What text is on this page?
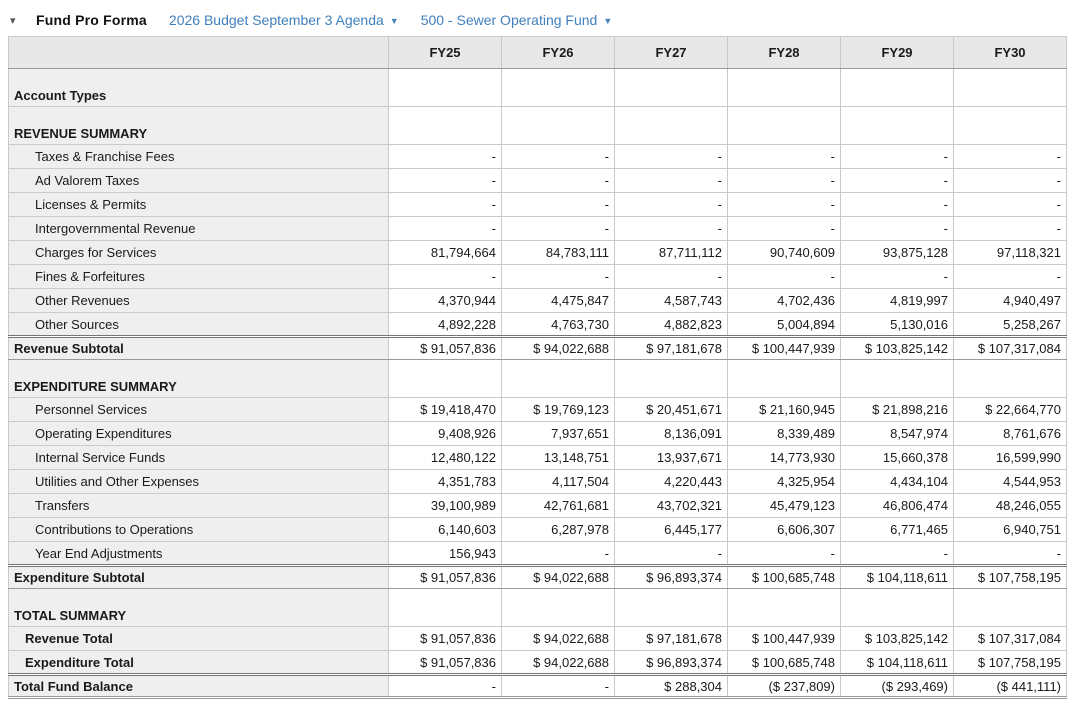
▾	Fund Pro Forma 2026 Budget September 3 Agenda ▼ 500 - Sewer Operating Fund ▼
	FY25	FY26	FY27	FY28	FY29	FY30
Account Types						
REVENUE SUMMARY						
Taxes & Franchise Fees	-	-	-	-	-	-
Ad Valorem Taxes	-	-	-	-	-	-
Licenses & Permits	-	-	-	-	-	-
Intergovernmental Revenue	-	-	-	-	-	-
Charges for Services	81,794,664	84,783,111	87,711,112	90,740,609	93,875,128	97,118,321
Fines & Forfeitures	-	-	-	-	-	-
Other Revenues	4,370,944	4,475,847	4,587,743	4,702,436	4,819,997	4,940,497
Other Sources	4,892,228	4,763,730	4,882,823	5,004,894	5,130,016	5,258,267
Revenue Subtotal	$ 91,057,836	$ 94,022,688	$ 97,181,678	$ 100,447,939	$ 103,825,142	$ 107,317,084
EXPENDITURE SUMMARY						
Personnel Services	$ 19,418,470	$ 19,769,123	$ 20,451,671	$ 21,160,945	$ 21,898,216	$ 22,664,770
Operating Expenditures	9,408,926	7,937,651	8,136,091	8,339,489	8,547,974	8,761,676
Internal Service Funds	12,480,122	13,148,751	13,937,671	14,773,930	15,660,378	16,599,990
Utilities and Other Expenses	4,351,783	4,117,504	4,220,443	4,325,954	4,434,104	4,544,953
Transfers	39,100,989	42,761,681	43,702,321	45,479,123	46,806,474	48,246,055
Contributions to Operations	6,140,603	6,287,978	6,445,177	6,606,307	6,771,465	6,940,751
Year End Adjustments	156,943	-	-	-	-	-
Expenditure Subtotal	$ 91,057,836	$ 94,022,688	$ 96,893,374	$ 100,685,748	$ 104,118,611	$ 107,758,195
TOTAL SUMMARY						
Revenue Total	$ 91,057,836	$ 94,022,688	$ 97,181,678	$ 100,447,939	$ 103,825,142	$ 107,317,084
Expenditure Total	$ 91,057,836	$ 94,022,688	$ 96,893,374	$ 100,685,748	$ 104,118,611	$ 107,758,195
Total Fund Balance	-	-	$ 288,304	($ 237,809)	($ 293,469)	($ 441,111)
